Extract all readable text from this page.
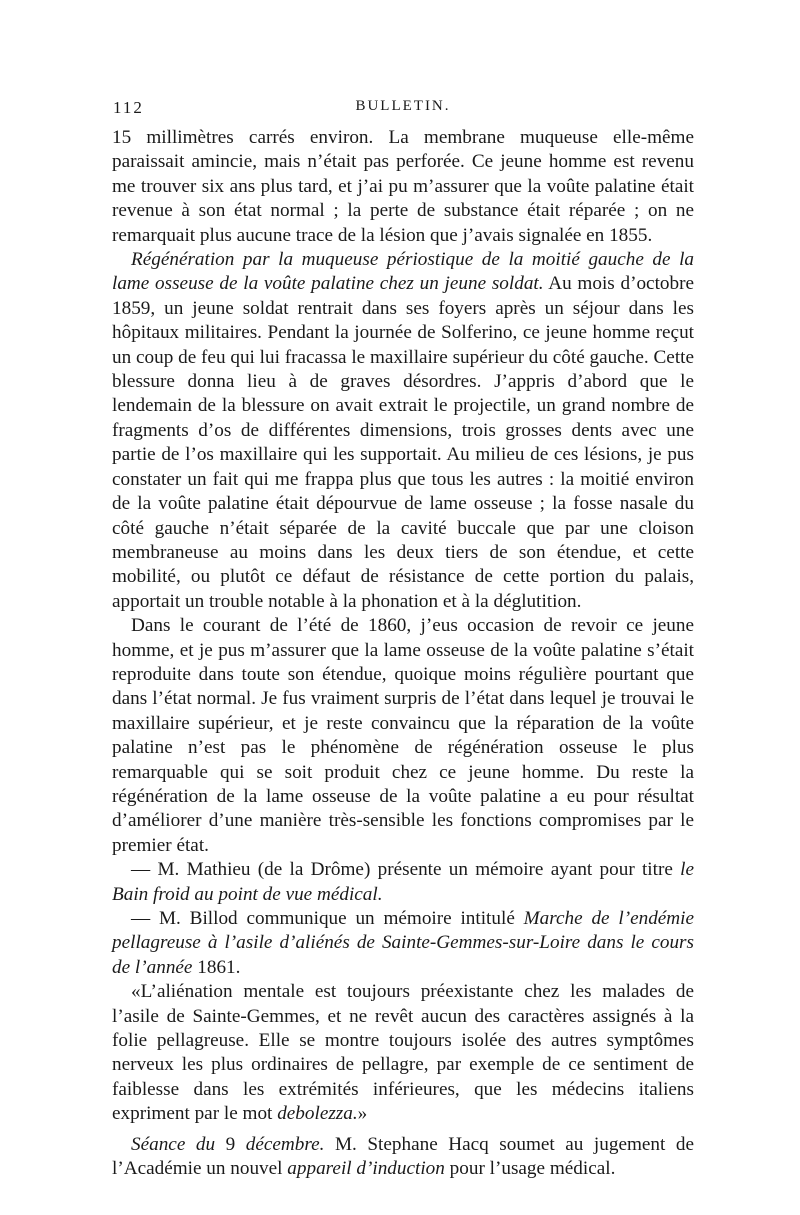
112	BULLETIN.

15 millimètres carrés environ. La membrane muqueuse elle-même paraissait amincie, mais n’était pas perforée. Ce jeune homme est revenu me trouver six ans plus tard, et j’ai pu m’assurer que la voûte palatine était revenue à son état normal ; la perte de substance était réparée ; on ne remarquait plus aucune trace de la lésion que j’avais signalée en 1855.

Régénération par la muqueuse périostique de la moitié gauche de la lame osseuse de la voûte palatine chez un jeune soldat. Au mois d’octobre 1859, un jeune soldat rentrait dans ses foyers après un séjour dans les hôpitaux militaires. Pendant la journée de Solferino, ce jeune homme reçut un coup de feu qui lui fracassa le maxillaire supérieur du côté gauche. Cette blessure donna lieu à de graves désordres. J’appris d’abord que le lendemain de la blessure on avait extrait le projectile, un grand nombre de fragments d’os de différentes dimensions, trois grosses dents avec une partie de l’os maxillaire qui les supportait. Au milieu de ces lésions, je pus constater un fait qui me frappa plus que tous les autres : la moitié environ de la voûte palatine était dépourvue de lame osseuse ; la fosse nasale du côté gauche n’était séparée de la cavité buccale que par une cloison membraneuse au moins dans les deux tiers de son étendue, et cette mobilité, ou plutôt ce défaut de résistance de cette portion du palais, apportait un trouble notable à la phonation et à la déglutition.

Dans le courant de l’été de 1860, j’eus occasion de revoir ce jeune homme, et je pus m’assurer que la lame osseuse de la voûte palatine s’était reproduite dans toute son étendue, quoique moins régulière pourtant que dans l’état normal. Je fus vraiment surpris de l’état dans lequel je trouvai le maxillaire supérieur, et je reste convaincu que la réparation de la voûte palatine n’est pas le phénomène de régénération osseuse le plus remarquable qui se soit produit chez ce jeune homme. Du reste la régénération de la lame osseuse de la voûte palatine a eu pour résultat d’améliorer d’une manière très-sensible les fonctions compromises par le premier état.

— M. Mathieu (de la Drôme) présente un mémoire ayant pour titre le Bain froid au point de vue médical.

— M. Billod communique un mémoire intitulé Marche de l’endémie pellagreuse à l’asile d’aliénés de Sainte-Gemmes-sur-Loire dans le cours de l’année 1861.

«L’aliénation mentale est toujours préexistante chez les malades de l’asile de Sainte-Gemmes, et ne revêt aucun des caractères assignés à la folie pellagreuse. Elle se montre toujours isolée des autres symptômes nerveux les plus ordinaires de pellagre, par exemple de ce sentiment de faiblesse dans les extrémités inférieures, que les médecins italiens expriment par le mot debolezza.»

Séance du 9 décembre. M. Stephane Hacq soumet au jugement de l’Académie un nouvel appareil d’induction pour l’usage médical.
